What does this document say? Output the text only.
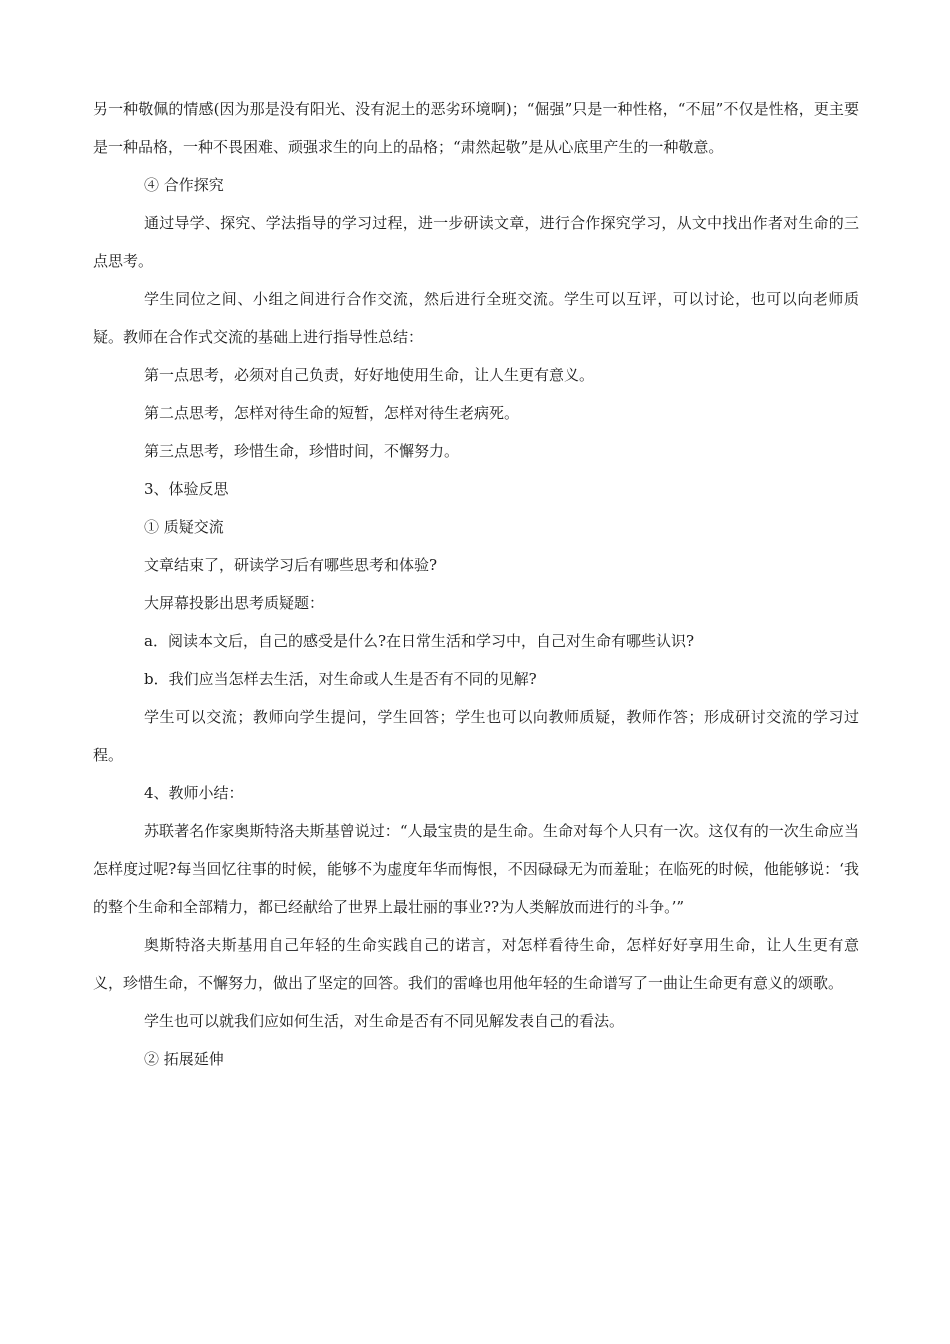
另一种敬佩的情感(因为那是没有阳光、没有泥土的恶劣环境啊)；“倔强”只是一种性格，“不屈”不仅是性格，更主要是一种品格，一种不畏困难、顽强求生的向上的品格；“肃然起敬”是从心底里产生的一种敬意。

④ 合作探究

通过导学、探究、学法指导的学习过程，进一步研读文章，进行合作探究学习，从文中找出作者对生命的三点思考。

学生同位之间、小组之间进行合作交流，然后进行全班交流。学生可以互评，可以讨论，也可以向老师质疑。教师在合作式交流的基础上进行指导性总结：

第一点思考，必须对自己负责，好好地使用生命，让人生更有意义。

第二点思考，怎样对待生命的短暂，怎样对待生老病死。

第三点思考，珍惜生命，珍惜时间，不懈努力。

3、体验反思

① 质疑交流

文章结束了，研读学习后有哪些思考和体验?

大屏幕投影出思考质疑题：

a．阅读本文后，自己的感受是什么?在日常生活和学习中，自己对生命有哪些认识?

b．我们应当怎样去生活，对生命或人生是否有不同的见解?

学生可以交流；教师向学生提问，学生回答；学生也可以向教师质疑，教师作答；形成研讨交流的学习过程。

4、教师小结：

苏联著名作家奥斯特洛夫斯基曾说过：“人最宝贵的是生命。生命对每个人只有一次。这仅有的一次生命应当怎样度过呢?每当回忆往事的时候，能够不为虚度年华而悔恨，不因碌碌无为而羞耻；在临死的时候，他能够说：‘我的整个生命和全部精力，都已经献给了世界上最壮丽的事业??为人类解放而进行的斗争。’”

奥斯特洛夫斯基用自己年轻的生命实践自己的诺言，对怎样看待生命，怎样好好享用生命，让人生更有意义，珍惜生命，不懈努力，做出了坚定的回答。我们的雷峰也用他年轻的生命谱写了一曲让生命更有意义的颂歌。

学生也可以就我们应如何生活，对生命是否有不同见解发表自己的看法。

② 拓展延伸
